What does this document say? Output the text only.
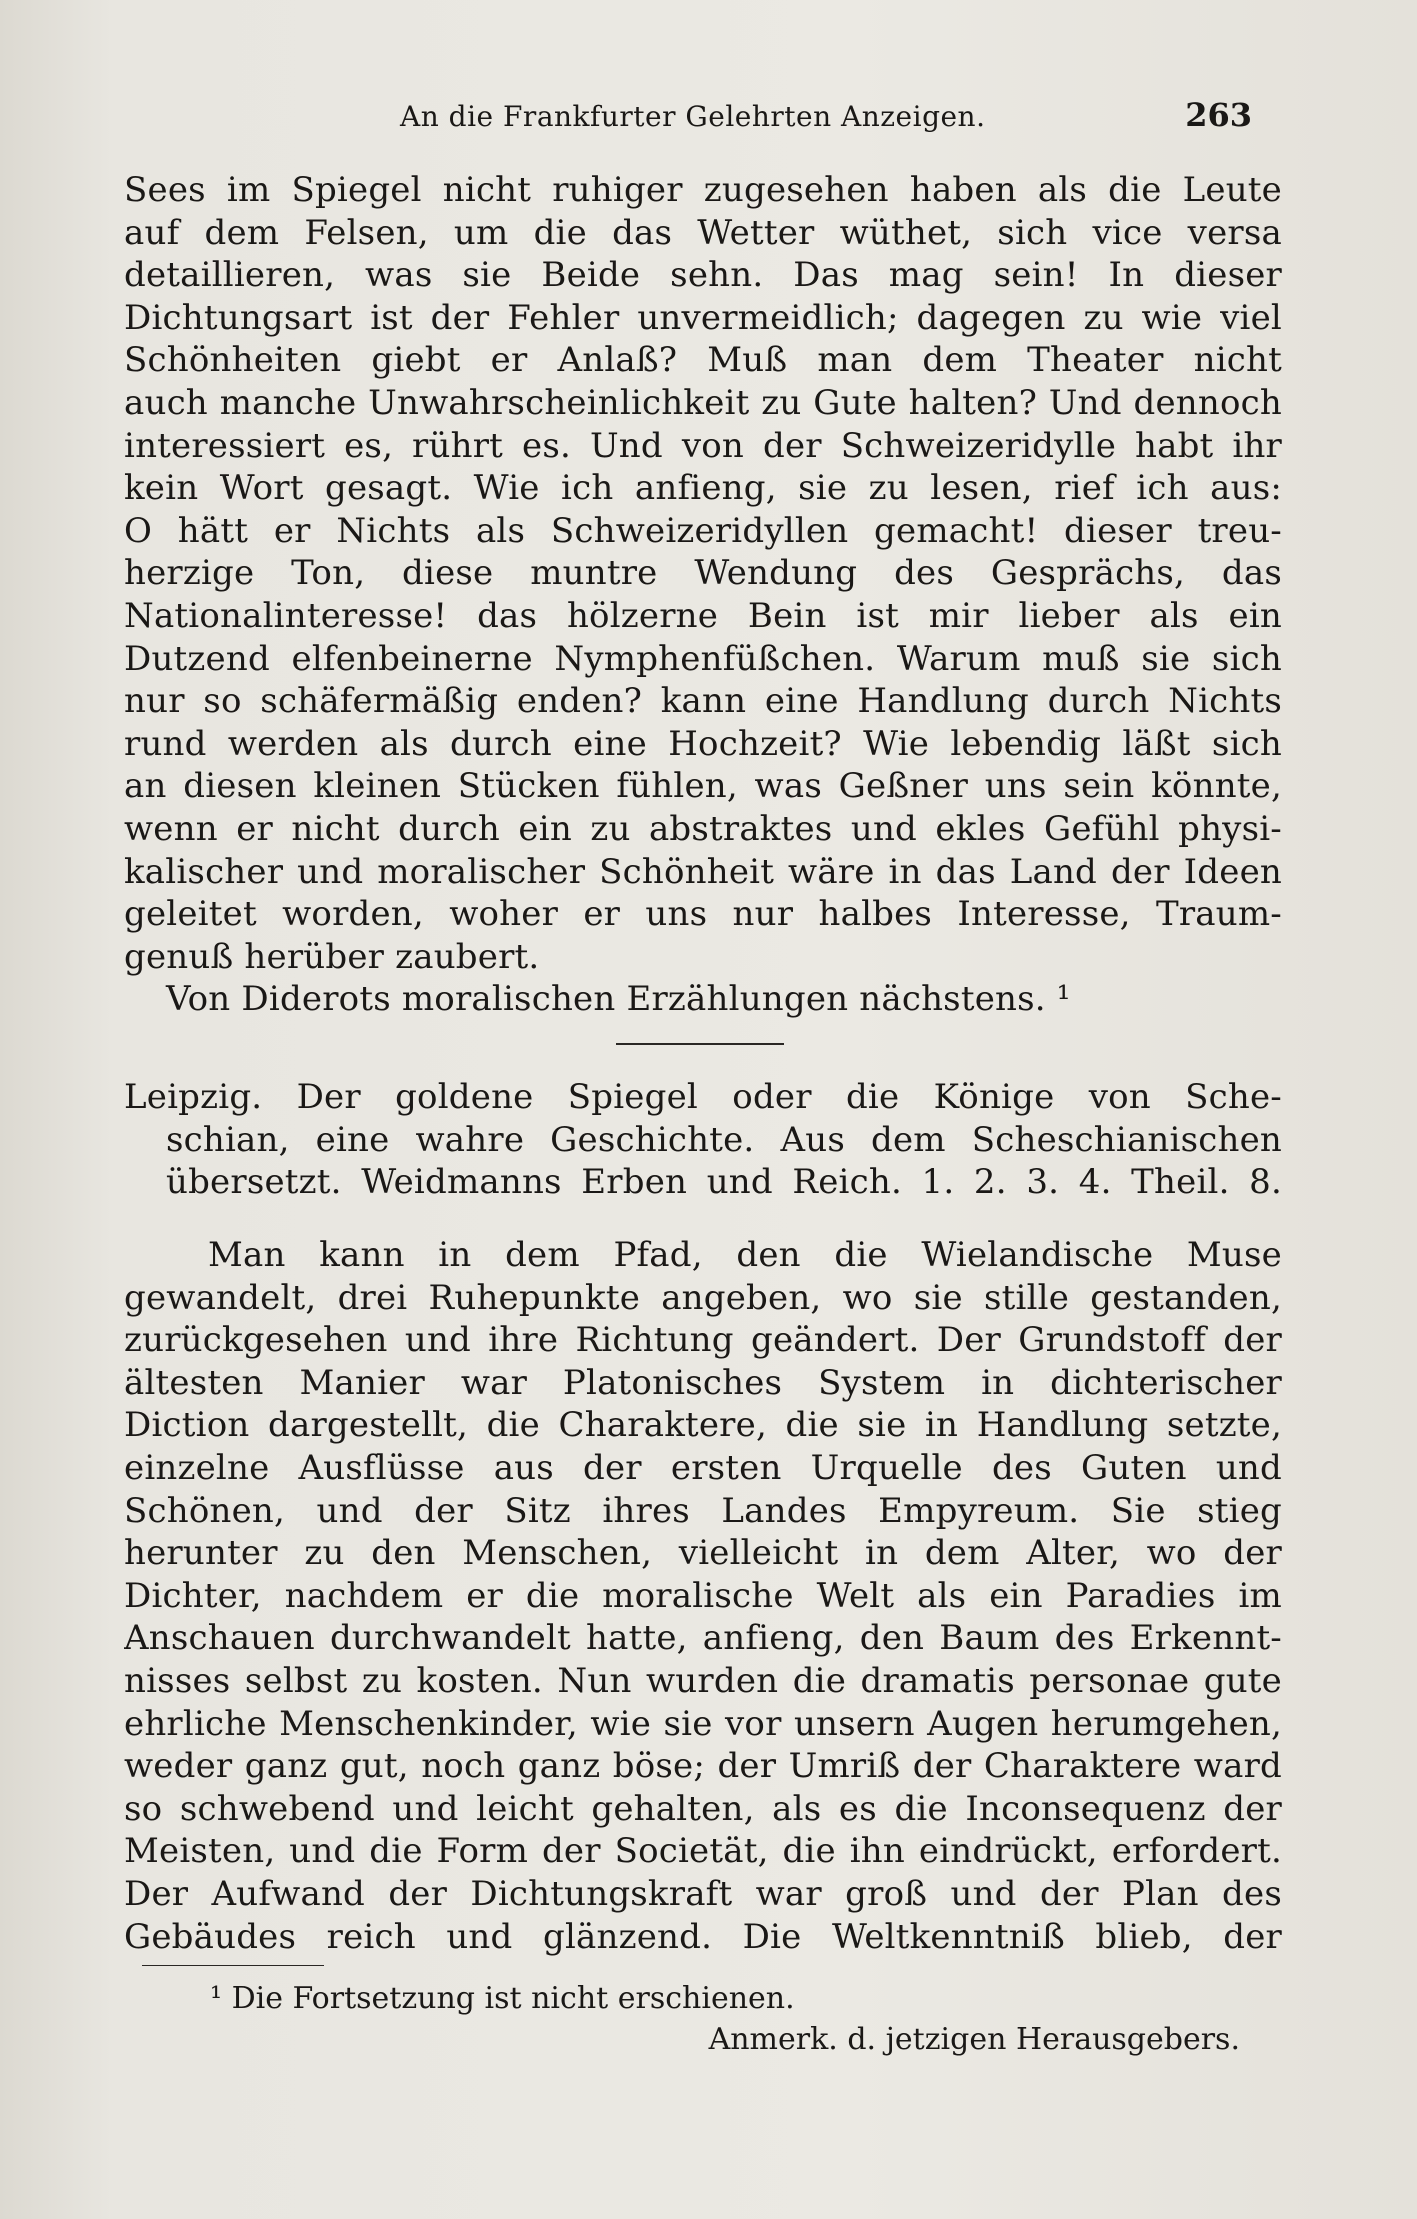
An die Frankfurter Gelehrten Anzeigen.	263
Sees im Spiegel nicht ruhiger zugesehen haben als die Leute
auf dem Felsen, um die das Wetter wüthet, sich vice versa
detaillieren, was sie Beide sehn. Das mag sein! In dieser
Dichtungsart ist der Fehler unvermeidlich; dagegen zu wie viel
Schönheiten giebt er Anlaß? Muß man dem Theater nicht
auch manche Unwahrscheinlichkeit zu Gute halten? Und dennoch
interessiert es, rührt es. Und von der Schweizeridylle habt ihr
kein Wort gesagt. Wie ich anfieng, sie zu lesen, rief ich aus:
O hätt er Nichts als Schweizeridyllen gemacht! dieser treu-
herzige Ton, diese muntre Wendung des Gesprächs, das
Nationalinteresse! das hölzerne Bein ist mir lieber als ein
Dutzend elfenbeinerne Nymphenfüßchen. Warum muß sie sich
nur so schäfermäßig enden? kann eine Handlung durch Nichts
rund werden als durch eine Hochzeit? Wie lebendig läßt sich
an diesen kleinen Stücken fühlen, was Geßner uns sein könnte,
wenn er nicht durch ein zu abstraktes und ekles Gefühl physi-
kalischer und moralischer Schönheit wäre in das Land der Ideen
geleitet worden, woher er uns nur halbes Interesse, Traum-
genuß herüber zaubert.
Von Diderots moralischen Erzählungen nächstens. ¹
Leipzig. Der goldene Spiegel oder die Könige von Sche-
schian, eine wahre Geschichte. Aus dem Scheschianischen
übersetzt. Weidmanns Erben und Reich. 1. 2. 3. 4. Theil. 8.
Man kann in dem Pfad, den die Wielandische Muse
gewandelt, drei Ruhepunkte angeben, wo sie stille gestanden,
zurückgesehen und ihre Richtung geändert. Der Grundstoff der
ältesten Manier war Platonisches System in dichterischer
Diction dargestellt, die Charaktere, die sie in Handlung setzte,
einzelne Ausflüsse aus der ersten Urquelle des Guten und
Schönen, und der Sitz ihres Landes Empyreum. Sie stieg
herunter zu den Menschen, vielleicht in dem Alter, wo der
Dichter, nachdem er die moralische Welt als ein Paradies im
Anschauen durchwandelt hatte, anfieng, den Baum des Erkennt-
nisses selbst zu kosten. Nun wurden die dramatis personae gute
ehrliche Menschenkinder, wie sie vor unsern Augen herumgehen,
weder ganz gut, noch ganz böse; der Umriß der Charaktere ward
so schwebend und leicht gehalten, als es die Inconsequenz der
Meisten, und die Form der Societät, die ihn eindrückt, erfordert.
Der Aufwand der Dichtungskraft war groß und der Plan des
Gebäudes reich und glänzend. Die Weltkenntniß blieb, der
¹ Die Fortsetzung ist nicht erschienen.
Anmerk. d. jetzigen Herausgebers.
